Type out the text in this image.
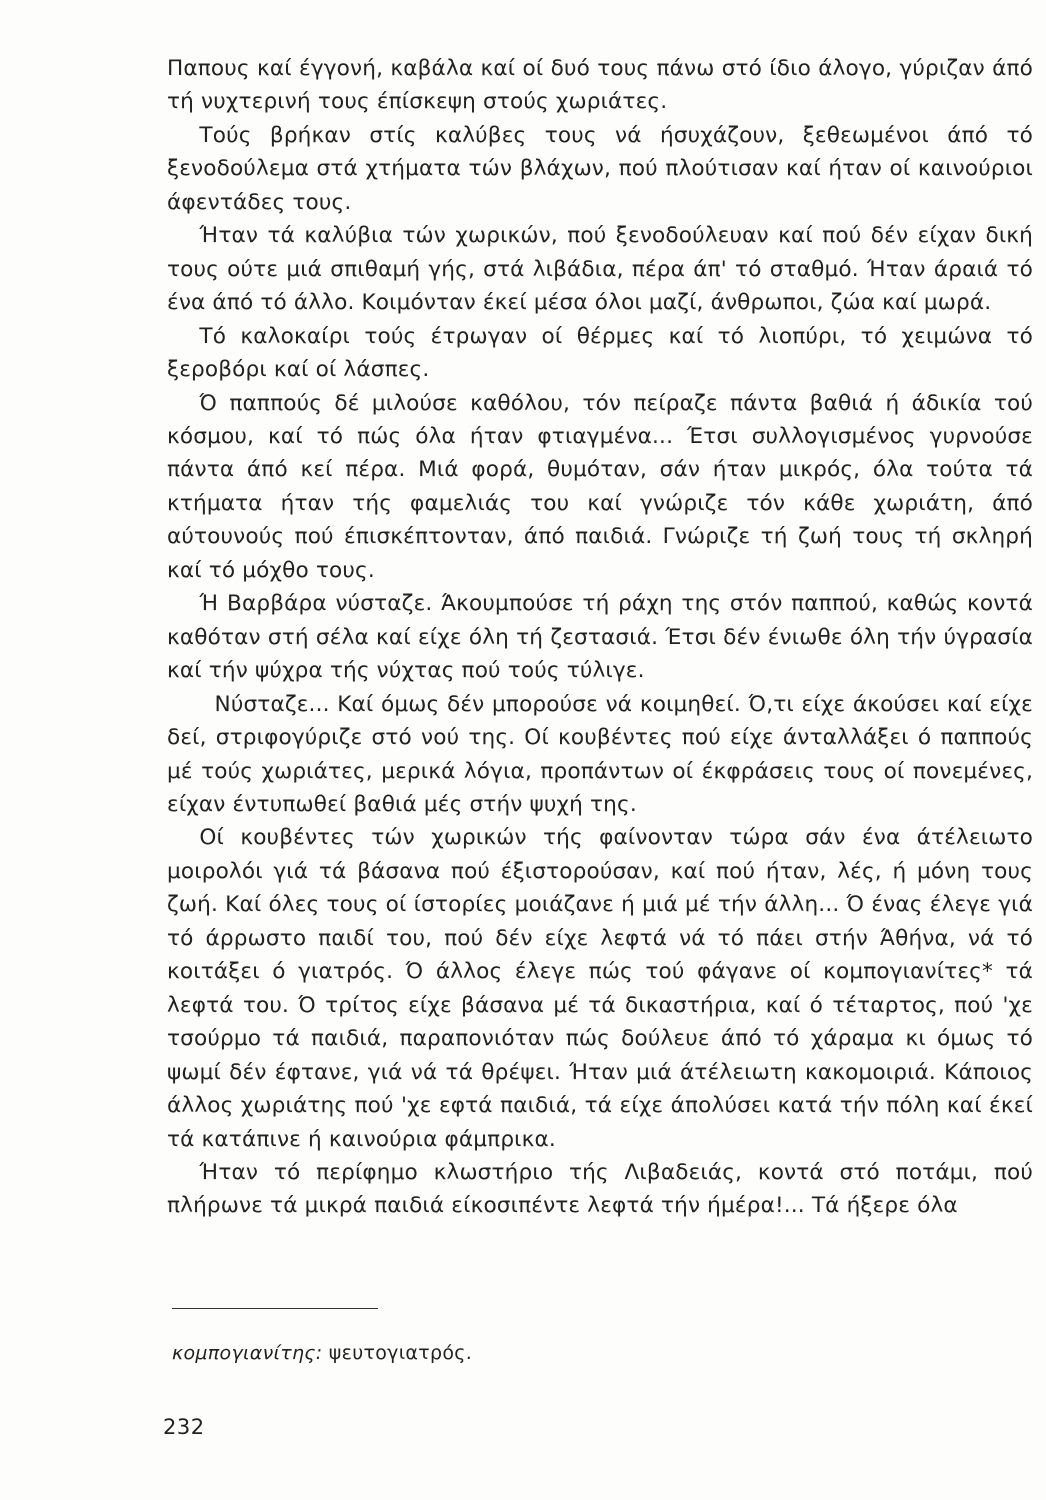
Παπους καί έγγονή, καβάλα καί οί δυό τους πάνω στό ίδιο άλογο, γύριζαν άπό τή νυχτερινή τους έπίσκεψη στούς χωριάτες.

Τούς βρήκαν στίς καλύβες τους νά ήσυχάζουν, ξεθεωμένοι άπό τό ξενοδούλεμα στά χτήματα τών βλάχων, πού πλούτισαν καί ήταν οί καινούριοι άφεντάδες τους.

Ήταν τά καλύβια τών χωρικών, πού ξενοδούλευαν καί πού δέν είχαν δική τους ούτε μιά σπιθαμή γής, στά λιβάδια, πέρα άπ' τό σταθμό. Ήταν άραιά τό ένα άπό τό άλλο. Κοιμόνταν έκεί μέσα όλοι μαζί, άνθρωποι, ζώα καί μωρά.

Τό καλοκαίρι τούς έτρωγαν οί θέρμες καί τό λιοπύρι, τό χειμώνα τό ξεροβόρι καί οί λάσπες.

Ό παππούς δέ μιλούσε καθόλου, τόν πείραζε πάντα βαθιά ή άδικία τού κόσμου, καί τό πώς όλα ήταν φτιαγμένα... Έτσι συλλογισμένος γυρνούσε πάντα άπό κεί πέρα. Μιά φορά, θυμόταν, σάν ήταν μικρός, όλα τούτα τά κτήματα ήταν τής φαμελιάς του καί γνώριζε τόν κάθε χωριάτη, άπό αύτουνούς πού έπισκέπτονταν, άπό παιδιά. Γνώριζε τή ζωή τους τή σκληρή καί τό μόχθο τους.

Ή Βαρβάρα νύσταζε. Άκουμπούσε τή ράχη της στόν παππού, καθώς κοντά καθόταν στή σέλα καί είχε όλη τή ζεστασιά. Έτσι δέν ένιωθε όλη τήν ύγρασία καί τήν ψύχρα τής νύχτας πού τούς τύλιγε.

Νύσταζε... Καί όμως δέν μπορούσε νά κοιμηθεί. Ό,τι είχε άκούσει καί είχε δεί, στριφογύριζε στό νού της. Οί κουβέντες πού είχε άνταλλάξει ό παππούς μέ τούς χωριάτες, μερικά λόγια, προπάντων οί έκφράσεις τους οί πονεμένες, είχαν έντυπωθεί βαθιά μές στήν ψυχή της.

Οί κουβέντες τών χωρικών τής φαίνονταν τώρα σάν ένα άτέλειωτο μοιρολόι γιά τά βάσανα πού έξιστορούσαν, καί πού ήταν, λές, ή μόνη τους ζωή. Καί όλες τους οί ίστορίες μοιάζανε ή μιά μέ τήν άλλη... Ό ένας έλεγε γιά τό άρρωστο παιδί του, πού δέν είχε λεφτά νά τό πάει στήν Άθήνα, νά τό κοιτάξει ό γιατρός. Ό άλλος έλεγε πώς τού φάγανε οί κομπογιανίτες* τά λεφτά του. Ό τρίτος είχε βάσανα μέ τά δικαστήρια, καί ό τέταρτος, πού 'χε τσούρμο τά παιδιά, παραπονιόταν πώς δούλευε άπό τό χάραμα κι όμως τό ψωμί δέν έφτανε, γιά νά τά θρέψει. Ήταν μιά άτέλειωτη κακομοιριά. Κάποιος άλλος χωριάτης πού 'χε εφτά παιδιά, τά είχε άπολύσει κατά τήν πόλη καί έκεί τά κατάπινε ή καινούρια φάμπρικα.

Ήταν τό περίφημο κλωστήριο τής Λιβαδειάς, κοντά στό ποτάμι, πού πλήρωνε τά μικρά παιδιά είκοσιπέντε λεφτά τήν ήμέρα!... Τά ήξερε όλα

κομπογιανίτης: ψευτογιατρός.
232
